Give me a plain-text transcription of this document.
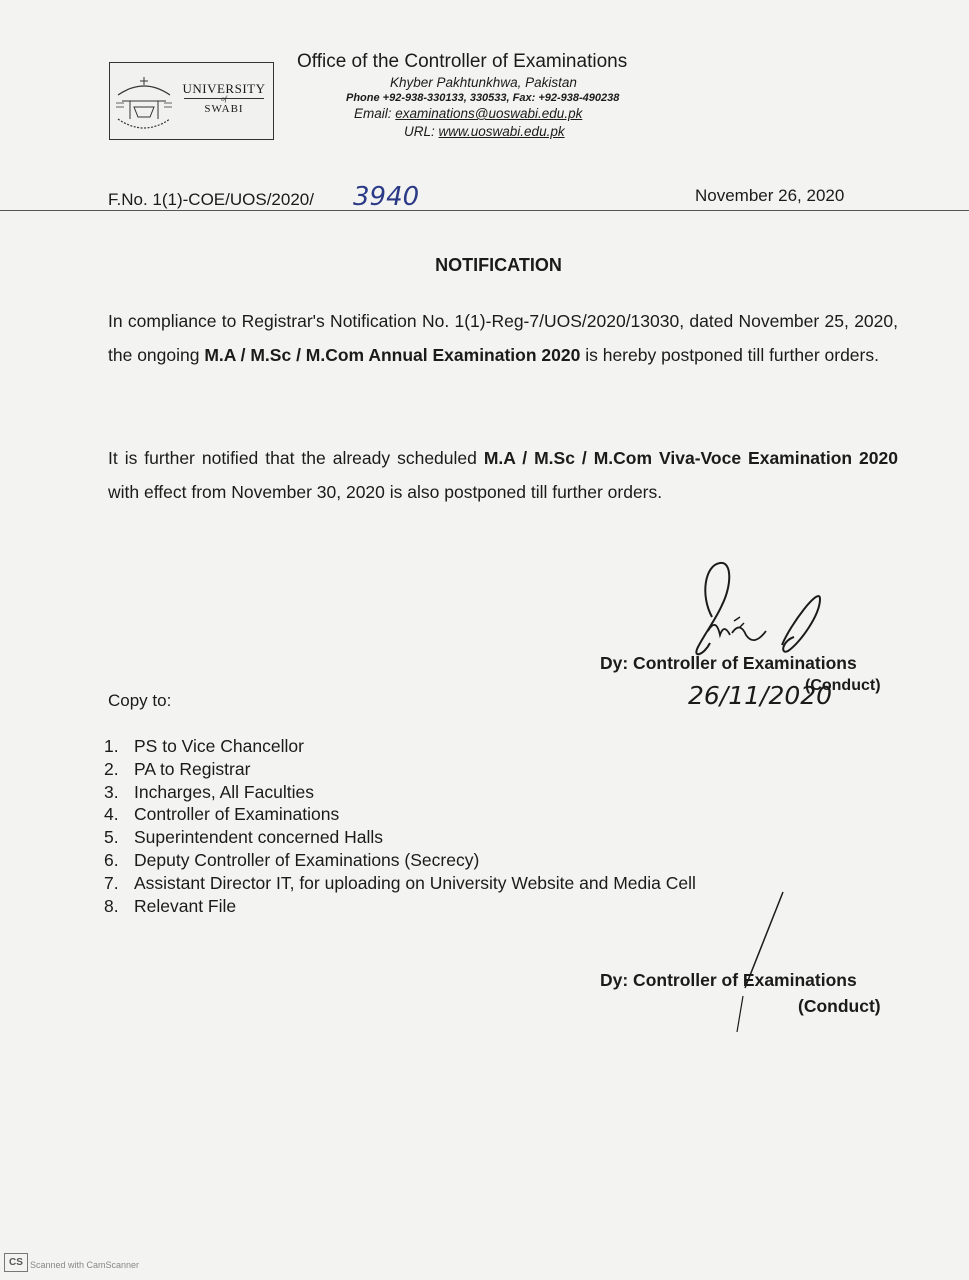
UNIVERSITY
of
SWABI
Office of the Controller of Examinations
Khyber Pakhtunkhwa, Pakistan
Phone +92-938-330133, 330533, Fax: +92-938-490238
Email: examinations@uoswabi.edu.pk
URL: www.uoswabi.edu.pk
F.No. 1(1)-COE/UOS/2020/ 3940	November 26, 2020
NOTIFICATION
In compliance to Registrar's Notification No. 1(1)-Reg-7/UOS/2020/13030, dated November 25, 2020, the ongoing M.A / M.Sc / M.Com Annual Examination 2020 is hereby postponed till further orders.
It is further notified that the already scheduled M.A / M.Sc / M.Com Viva-Voce Examination 2020 with effect from November 30, 2020 is also postponed till further orders.
Dy: Controller of Examinations
26/11/2020
(Conduct)
Copy to:
1. PS to Vice Chancellor
2. PA to Registrar
3. Incharges, All Faculties
4. Controller of Examinations
5. Superintendent concerned Halls
6. Deputy Controller of Examinations (Secrecy)
7. Assistant Director IT, for uploading on University Website and Media Cell
8. Relevant File
Dy: Controller of Examinations
(Conduct)
CS Scanned with CamScanner
